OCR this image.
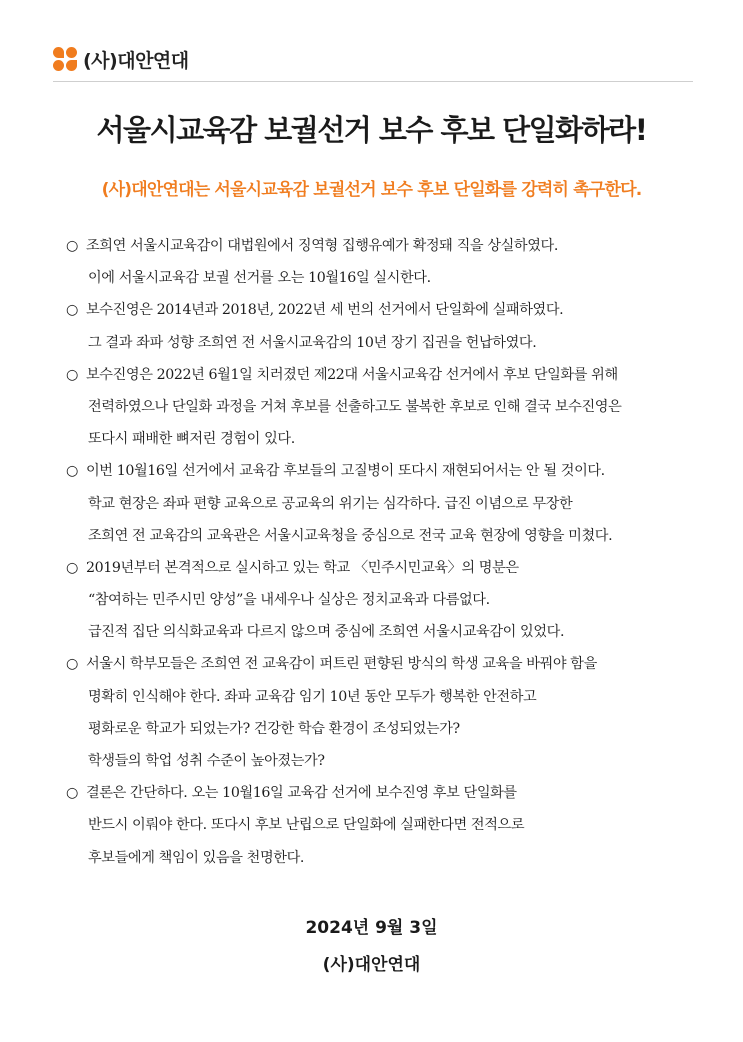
(사)대안연대
서울시교육감 보궐선거 보수 후보 단일화하라!
(사)대안연대는 서울시교육감 보궐선거 보수 후보 단일화를 강력히 촉구한다.
○ 조희연 서울시교육감이 대법원에서 징역형 집행유예가 확정돼 직을 상실하였다.
이에 서울시교육감 보궐 선거를 오는 10월16일 실시한다.
○ 보수진영은 2014년과 2018년, 2022년 세 번의 선거에서 단일화에 실패하였다.
그 결과 좌파 성향 조희연 전 서울시교육감의 10년 장기 집권을 헌납하였다.
○ 보수진영은 2022년 6월1일 치러졌던 제22대 서울시교육감 선거에서 후보 단일화를 위해
전력하였으나 단일화 과정을 거쳐 후보를 선출하고도 불복한 후보로 인해 결국 보수진영은
또다시 패배한 뼈저린 경험이 있다.
○ 이번 10월16일 선거에서 교육감 후보들의 고질병이 또다시 재현되어서는 안 될 것이다.
학교 현장은 좌파 편향 교육으로 공교육의 위기는 심각하다. 급진 이념으로 무장한
조희연 전 교육감의 교육관은 서울시교육청을 중심으로 전국 교육 현장에 영향을 미쳤다.
○ 2019년부터 본격적으로 실시하고 있는 학교 〈민주시민교육〉의 명분은
“참여하는 민주시민 양성”을 내세우나 실상은 정치교육과 다름없다.
급진적 집단 의식화교육과 다르지 않으며 중심에 조희연 서울시교육감이 있었다.
○ 서울시 학부모들은 조희연 전 교육감이 퍼트린 편향된 방식의 학생 교육을 바꿔야 함을
명확히 인식해야 한다. 좌파 교육감 임기 10년 동안 모두가 행복한 안전하고
평화로운 학교가 되었는가? 건강한 학습 환경이 조성되었는가?
학생들의 학업 성취 수준이 높아졌는가?
○ 결론은 간단하다. 오는 10월16일 교육감 선거에 보수진영 후보 단일화를
반드시 이뤄야 한다. 또다시 후보 난립으로 단일화에 실패한다면 전적으로
후보들에게 책임이 있음을 천명한다.
2024년 9월 3일
(사)대안연대
